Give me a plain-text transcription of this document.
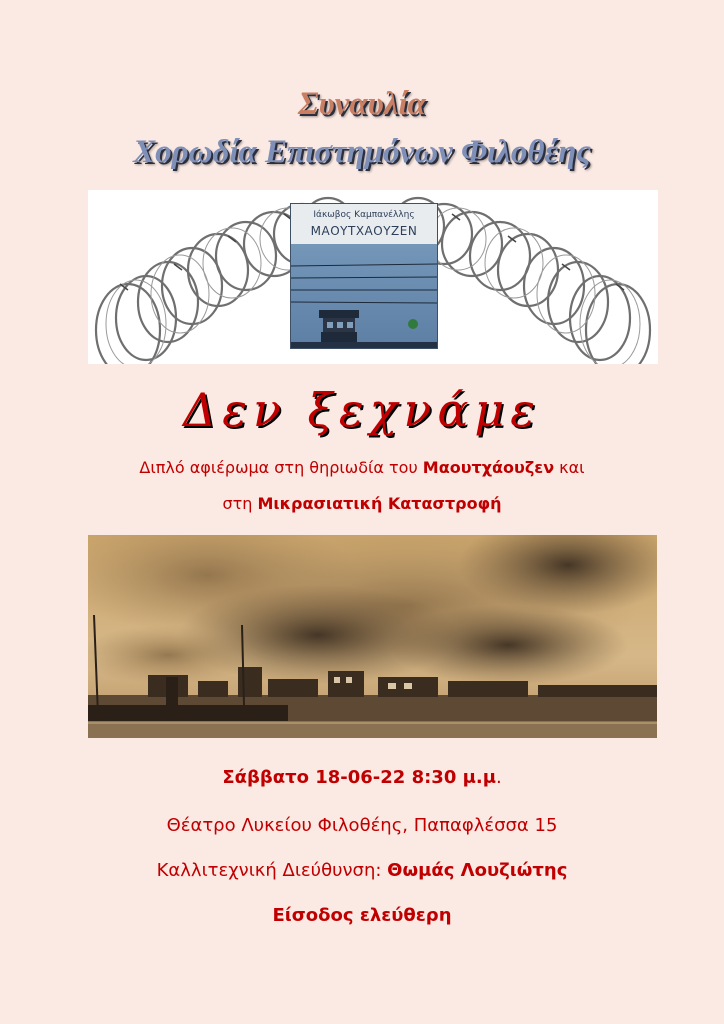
Συναυλία
Χορωδία Επιστημόνων Φιλοθέης
Ιάκωβος Καμπανέλλης
ΜΑΟΥΤΧΑΟΥΖΕΝ
Δεν ξεχνάμε
Διπλό αφιέρωμα στη θηριωδία του Μαουτχάουζεν και
στη Μικρασιατική Καταστροφή
Σάββατο 18-06-22 8:30 μ.μ.
Θέατρο Λυκείου Φιλοθέης, Παπαφλέσσα 15
Καλλιτεχνική Διεύθυνση: Θωμάς Λουζιώτης
Είσοδος ελεύθερη
